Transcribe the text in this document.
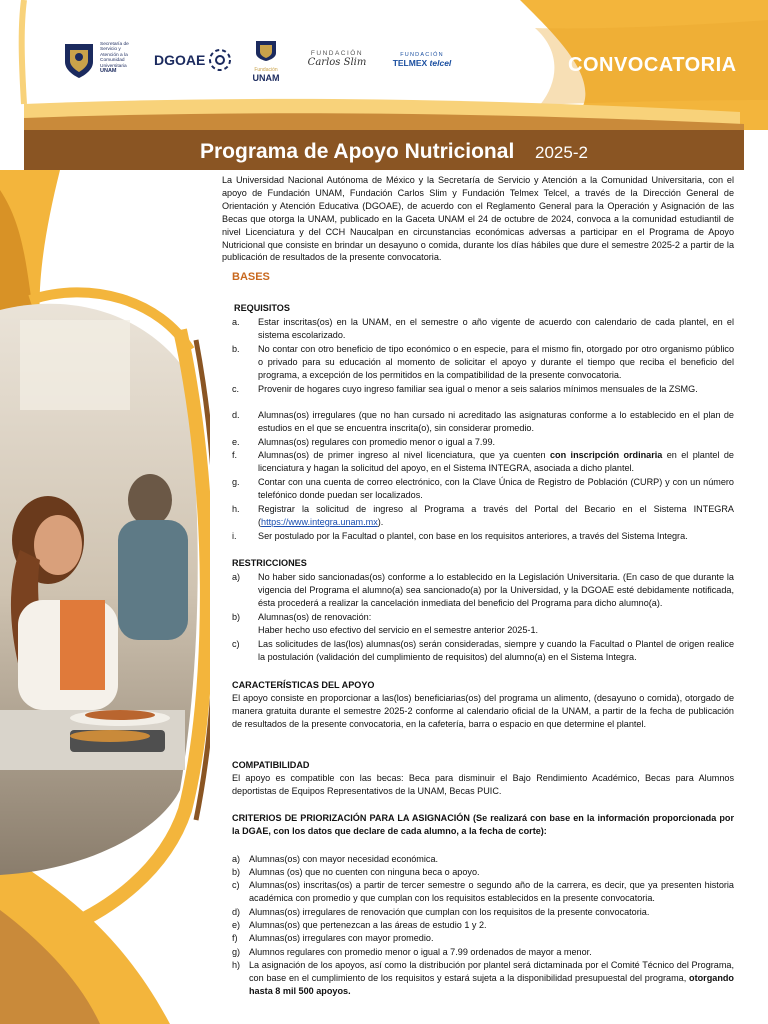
Secretaría de
Servicio y
Atención a la
Comunidad
Universitaria
UNAM
DGOAE
Fundación
UNAM
FUNDACIÓN
Carlos Slim
FUNDACIÓN
TELMEX telcel	CONVOCATORIA
Programa de Apoyo Nutricional 2025-2
La Universidad Nacional Autónoma de México y la Secretaría de Servicio y Atención a la Comunidad Universitaria, con el apoyo de Fundación UNAM, Fundación Carlos Slim y Fundación Telmex Telcel, a través de la Dirección General de Orientación y Atención Educativa (DGOAE), de acuerdo con el Reglamento General para la Operación y Asignación de las Becas que otorga la UNAM, publicado en la Gaceta UNAM el 24 de octubre de 2024, convoca a la comunidad estudiantil de nivel Licenciatura y del CCH Naucalpan en circunstancias económicas adversas a participar en el Programa de Apoyo Nutricional que consiste en brindar un desayuno o comida, durante los días hábiles que dure el semestre 2025-2 a partir de la publicación de resultados de la presente convocatoria.
BASES
REQUISITOS
a. Estar inscritas(os) en la UNAM, en el semestre o año vigente de acuerdo con calendario de cada plantel, en el sistema escolarizado.
b. No contar con otro beneficio de tipo económico o en especie, para el mismo fin, otorgado por otro organismo público o privado para su educación al momento de solicitar el apoyo y durante el tiempo que reciba el beneficio del programa, a excepción de los permitidos en la compatibilidad de la presente convocatoria.
c. Provenir de hogares cuyo ingreso familiar sea igual o menor a seis salarios mínimos mensuales de la ZSMG.
d. Alumnas(os) irregulares (que no han cursado ni acreditado las asignaturas conforme a lo establecido en el plan de estudios en el que se encuentra inscrita(o), sin considerar promedio.
e. Alumnas(os) regulares con promedio menor o igual a 7.99.
f. Alumnas(os) de primer ingreso al nivel licenciatura, que ya cuenten con inscripción ordinaria en el plantel de licenciatura y hagan la solicitud del apoyo, en el Sistema INTEGRA, asociada a dicho plantel.
g. Contar con una cuenta de correo electrónico, con la Clave Única de Registro de Población (CURP) y con un número telefónico donde puedan ser localizados.
h. Registrar la solicitud de ingreso al Programa a través del Portal del Becario en el Sistema INTEGRA (https://www.integra.unam.mx).
i. Ser postulado por la Facultad o plantel, con base en los requisitos anteriores, a través del Sistema Integra.
RESTRICCIONES
a) No haber sido sancionadas(os) conforme a lo establecido en la Legislación Universitaria. (En caso de que durante la vigencia del Programa el alumno(a) sea sancionado(a) por la Universidad, y la DGOAE esté debidamente notificada, ésta procederá a realizar la cancelación inmediata del beneficio del Programa para dicho alumno(a).
b) Alumnas(os) de renovación:
Haber hecho uso efectivo del servicio en el semestre anterior 2025-1.
c) Las solicitudes de las(los) alumnas(os) serán consideradas, siempre y cuando la Facultad o Plantel de origen realice la postulación (validación del cumplimiento de requisitos) del alumno(a) en el Sistema Integra.
CARACTERÍSTICAS DEL APOYO
El apoyo consiste en proporcionar a las(los) beneficiarias(os) del programa un alimento, (desayuno o comida), otorgado de manera gratuita durante el semestre 2025-2 conforme al calendario oficial de la UNAM, a partir de la fecha de publicación de resultados de la presente convocatoria, en la cafetería, barra o espacio en que determine el plantel.
COMPATIBILIDAD
El apoyo es compatible con las becas: Beca para disminuir el Bajo Rendimiento Académico, Becas para Alumnos deportistas de Equipos Representativos de la UNAM, Becas PUIC.
CRITERIOS DE PRIORIZACIÓN PARA LA ASIGNACIÓN (Se realizará con base en la información proporcionada por la DGAE, con los datos que declare de cada alumno, a la fecha de corte):
a) Alumnas(os) con mayor necesidad económica.
b) Alumnas (os) que no cuenten con ninguna beca o apoyo.
c) Alumnas(os) inscritas(os) a partir de tercer semestre o segundo año de la carrera, es decir, que ya presenten historia académica con promedio y que cumplan con los requisitos establecidos en la presente convocatoria.
d) Alumnas(os) irregulares de renovación que cumplan con los requisitos de la presente convocatoria.
e) Alumnas(os) que pertenezcan a las áreas de estudio 1 y 2.
f) Alumnas(os) irregulares con mayor promedio.
g) Alumnos regulares con promedio menor o igual a 7.99 ordenados de mayor a menor.
h) La asignación de los apoyos, así como la distribución por plantel será dictaminada por el Comité Técnico del Programa, con base en el cumplimiento de los requisitos y estará sujeta a la disponibilidad presupuestal del programa, otorgando hasta 8 mil 500 apoyos.
